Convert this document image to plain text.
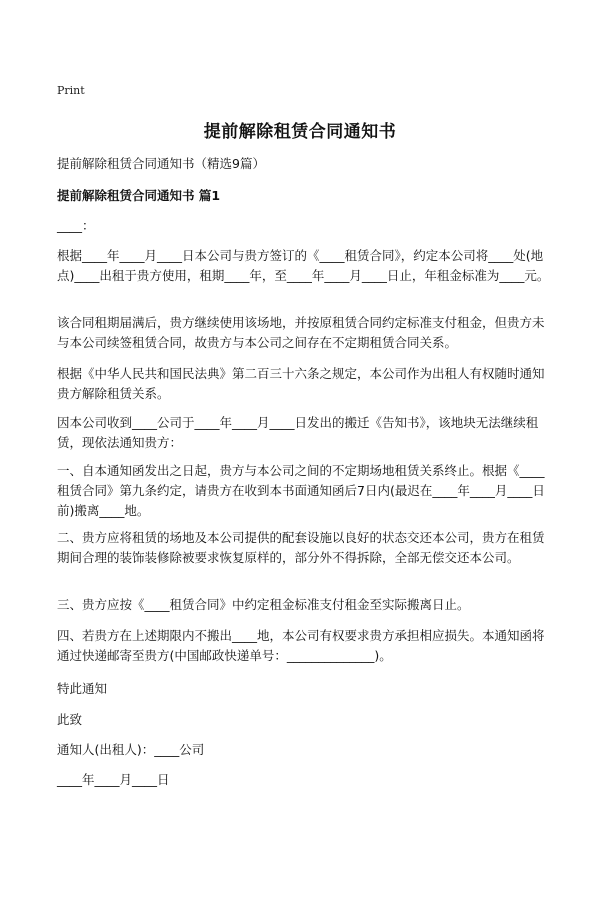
Print
提前解除租赁合同通知书
提前解除租赁合同通知书（精选9篇）
提前解除租赁合同通知书 篇1
____：
根据____年____月____日本公司与贵方签订的《____租赁合同》，约定本公司将____处(地点)____出租于贵方使用，租期____年，至____年____月____日止，年租金标准为____元。
该合同租期届满后，贵方继续使用该场地，并按原租赁合同约定标准支付租金，但贵方未与本公司续签租赁合同，故贵方与本公司之间存在不定期租赁合同关系。
根据《中华人民共和国民法典》第二百三十六条之规定，本公司作为出租人有权随时通知贵方解除租赁关系。
因本公司收到____公司于____年____月____日发出的搬迁《告知书》，该地块无法继续租赁，现依法通知贵方：
一、自本通知函发出之日起，贵方与本公司之间的不定期场地租赁关系终止。根据《____租赁合同》第九条约定，请贵方在收到本书面通知函后7日内(最迟在____年____月____日前)搬离____地。
二、贵方应将租赁的场地及本公司提供的配套设施以良好的状态交还本公司，贵方在租赁期间合理的装饰装修除被要求恢复原样的，部分外不得拆除，全部无偿交还本公司。
三、贵方应按《____租赁合同》中约定租金标准支付租金至实际搬离日止。
四、若贵方在上述期限内不搬出____地，本公司有权要求贵方承担相应损失。本通知函将通过快递邮寄至贵方(中国邮政快递单号：______________)。
特此通知
此致
通知人(出租人)：____公司
____年____月____日
